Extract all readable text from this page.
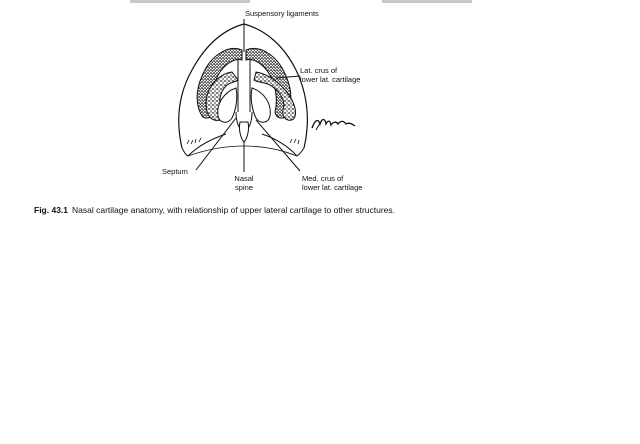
Suspensory ligaments
Lat. crus of
lower lat. cartilage
Septum
Nasal
spine
Med. crus of
lower lat. cartilage
Fig. 43.1 Nasal cartilage anatomy, with relationship of upper lateral cartilage to other structures.
